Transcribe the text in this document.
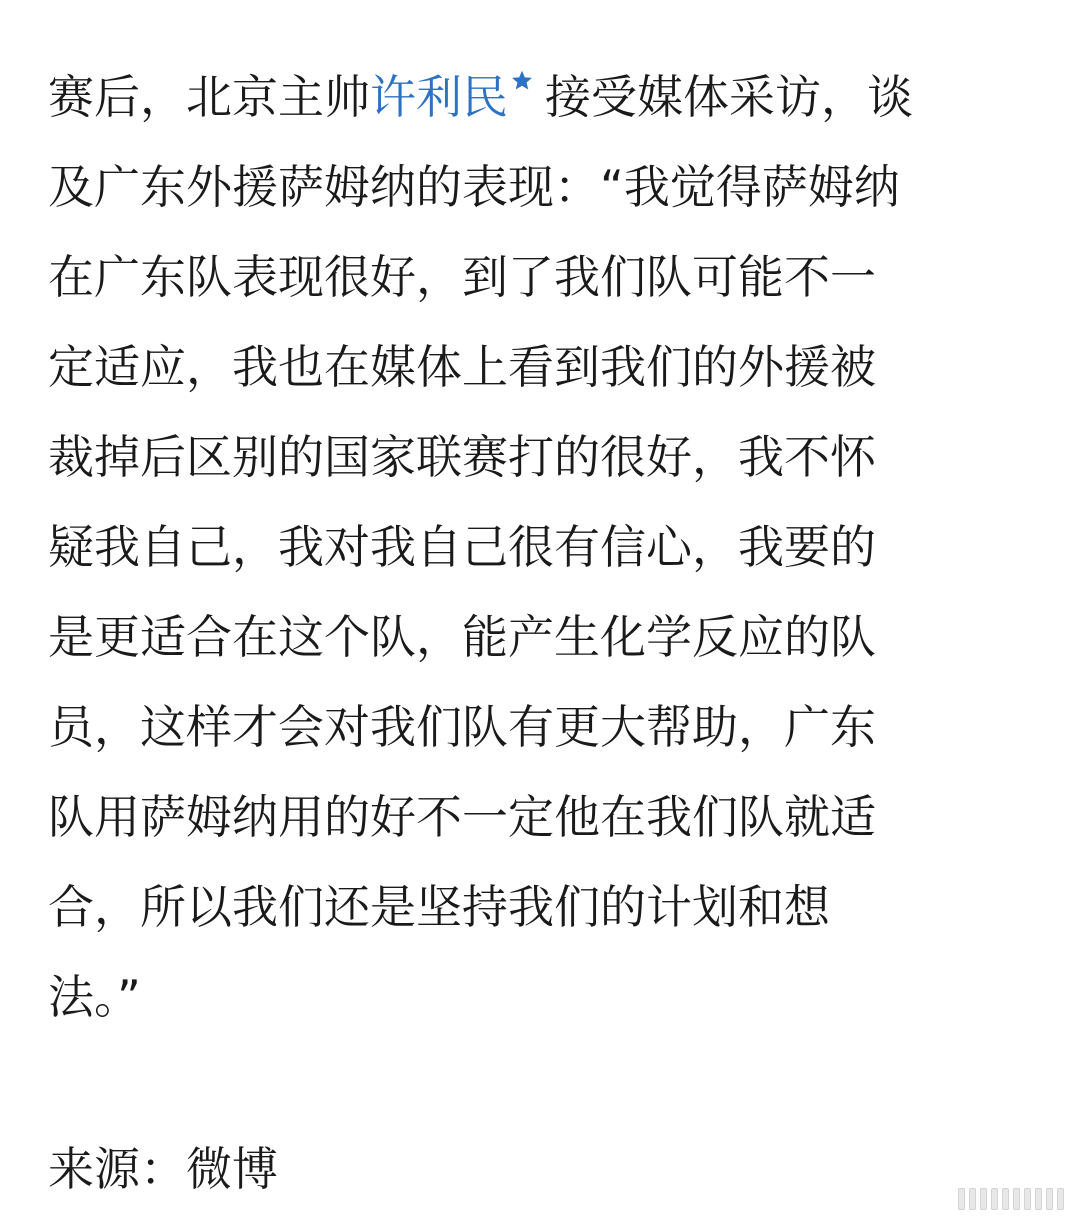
赛后，北京主帅许利民 接受媒体采访，谈
及广东外援萨姆纳的表现：“我觉得萨姆纳
在广东队表现很好，到了我们队可能不一
定适应，我也在媒体上看到我们的外援被
裁掉后区别的国家联赛打的很好，我不怀
疑我自己，我对我自己很有信心，我要的
是更适合在这个队，能产生化学反应的队
员，这样才会对我们队有更大帮助，广东
队用萨姆纳用的好不一定他在我们队就适
合，所以我们还是坚持我们的计划和想
法。”
来源：微博
